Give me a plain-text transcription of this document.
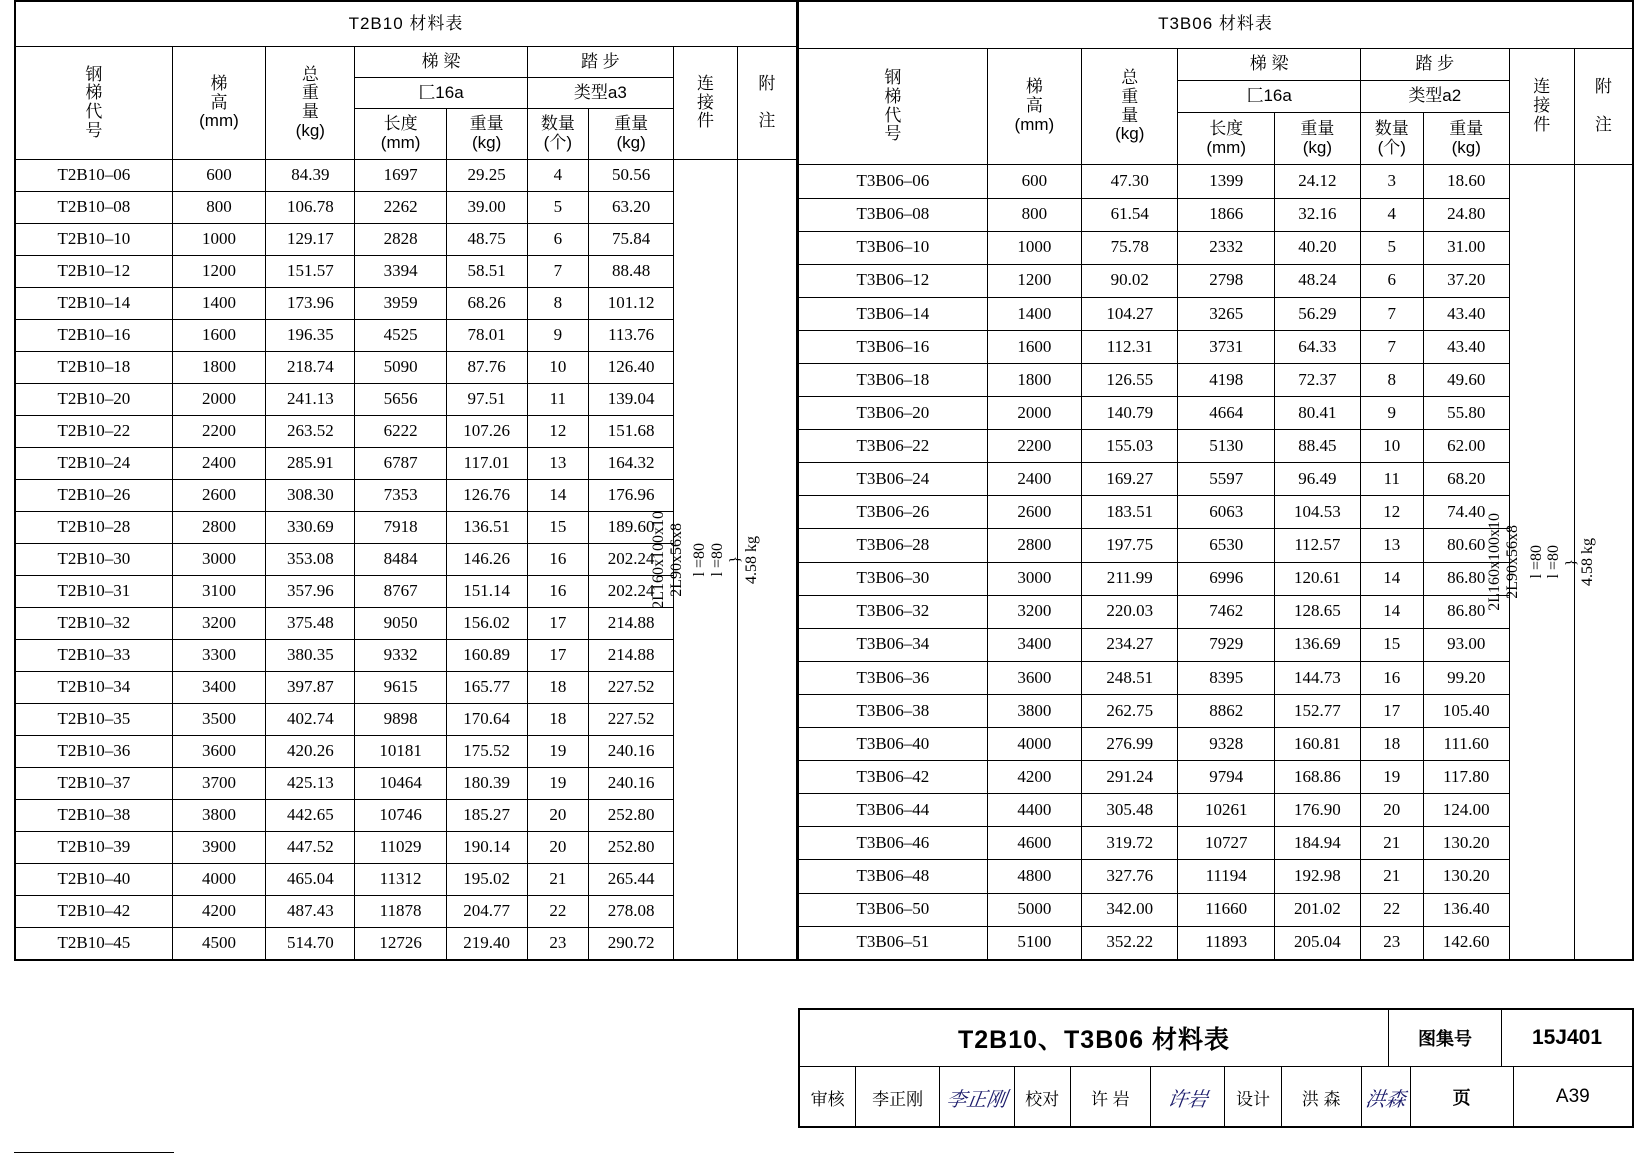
T2B10 材料表								
钢
梯
代
号	梯
高
(mm)	总
重
量
(kg)	梯 梁		踏 步		连
接
件	附

注
			匚16a		类型a3			
			长度
(mm)	重量
(kg)	数量
(个)	重量
(kg)		
T2B10–06	600	84.39	1697	29.25	4	50.56	
2L160x100x10 2L90x56x8 l =80 l =80 } 4.58 kg

T2B10–08	800	106.78	2262	39.00	5	63.20		
T2B10–10	1000	129.17	2828	48.75	6	75.84		
T2B10–12	1200	151.57	3394	58.51	7	88.48		
T2B10–14	1400	173.96	3959	68.26	8	101.12		
T2B10–16	1600	196.35	4525	78.01	9	113.76		
T2B10–18	1800	218.74	5090	87.76	10	126.40		
T2B10–20	2000	241.13	5656	97.51	11	139.04		
T2B10–22	2200	263.52	6222	107.26	12	151.68		
T2B10–24	2400	285.91	6787	117.01	13	164.32		
T2B10–26	2600	308.30	7353	126.76	14	176.96		
T2B10–28	2800	330.69	7918	136.51	15	189.60		
T2B10–30	3000	353.08	8484	146.26	16	202.24		
T2B10–31	3100	357.96	8767	151.14	16	202.24		
T2B10–32	3200	375.48	9050	156.02	17	214.88		
T2B10–33	3300	380.35	9332	160.89	17	214.88		
T2B10–34	3400	397.87	9615	165.77	18	227.52		
T2B10–35	3500	402.74	9898	170.64	18	227.52		
T2B10–36	3600	420.26	10181	175.52	19	240.16		
T2B10–37	3700	425.13	10464	180.39	19	240.16		
T2B10–38	3800	442.65	10746	185.27	20	252.80		
T2B10–39	3900	447.52	11029	190.14	20	252.80		
T2B10–40	4000	465.04	11312	195.02	21	265.44		
T2B10–42	4200	487.43	11878	204.77	22	278.08		
T2B10–45	4500	514.70	12726	219.40	23	290.72		
T3B06 材料表								
钢
梯
代
号	梯
高
(mm)	总
重
量
(kg)	梯 梁		踏 步		连
接
件	附

注
			匚16a		类型a2			
			长度
(mm)	重量
(kg)	数量
(个)	重量
(kg)		
T3B06–06	600	47.30	1399	24.12	3	18.60	
2L160x100x10 2L90x56x8 l =80 l =80 } 4.58 kg

T3B06–08	800	61.54	1866	32.16	4	24.80		
T3B06–10	1000	75.78	2332	40.20	5	31.00		
T3B06–12	1200	90.02	2798	48.24	6	37.20		
T3B06–14	1400	104.27	3265	56.29	7	43.40		
T3B06–16	1600	112.31	3731	64.33	7	43.40		
T3B06–18	1800	126.55	4198	72.37	8	49.60		
T3B06–20	2000	140.79	4664	80.41	9	55.80		
T3B06–22	2200	155.03	5130	88.45	10	62.00		
T3B06–24	2400	169.27	5597	96.49	11	68.20		
T3B06–26	2600	183.51	6063	104.53	12	74.40		
T3B06–28	2800	197.75	6530	112.57	13	80.60		
T3B06–30	3000	211.99	6996	120.61	14	86.80		
T3B06–32	3200	220.03	7462	128.65	14	86.80		
T3B06–34	3400	234.27	7929	136.69	15	93.00		
T3B06–36	3600	248.51	8395	144.73	16	99.20		
T3B06–38	3800	262.75	8862	152.77	17	105.40		
T3B06–40	4000	276.99	9328	160.81	18	111.60		
T3B06–42	4200	291.24	9794	168.86	19	117.80		
T3B06–44	4400	305.48	10261	176.90	20	124.00		
T3B06–46	4600	319.72	10727	184.94	21	130.20		
T3B06–48	4800	327.76	11194	192.98	21	130.20		
T3B06–50	5000	342.00	11660	201.02	22	136.40		
T3B06–51	5100	352.22	11893	205.04	23	142.60		
T2B10、T3B06 材料表	图集号	15J401
审核	李正刚	李正刚	校对	许 岩	许岩	设计	洪 森	洪森	页	A39
